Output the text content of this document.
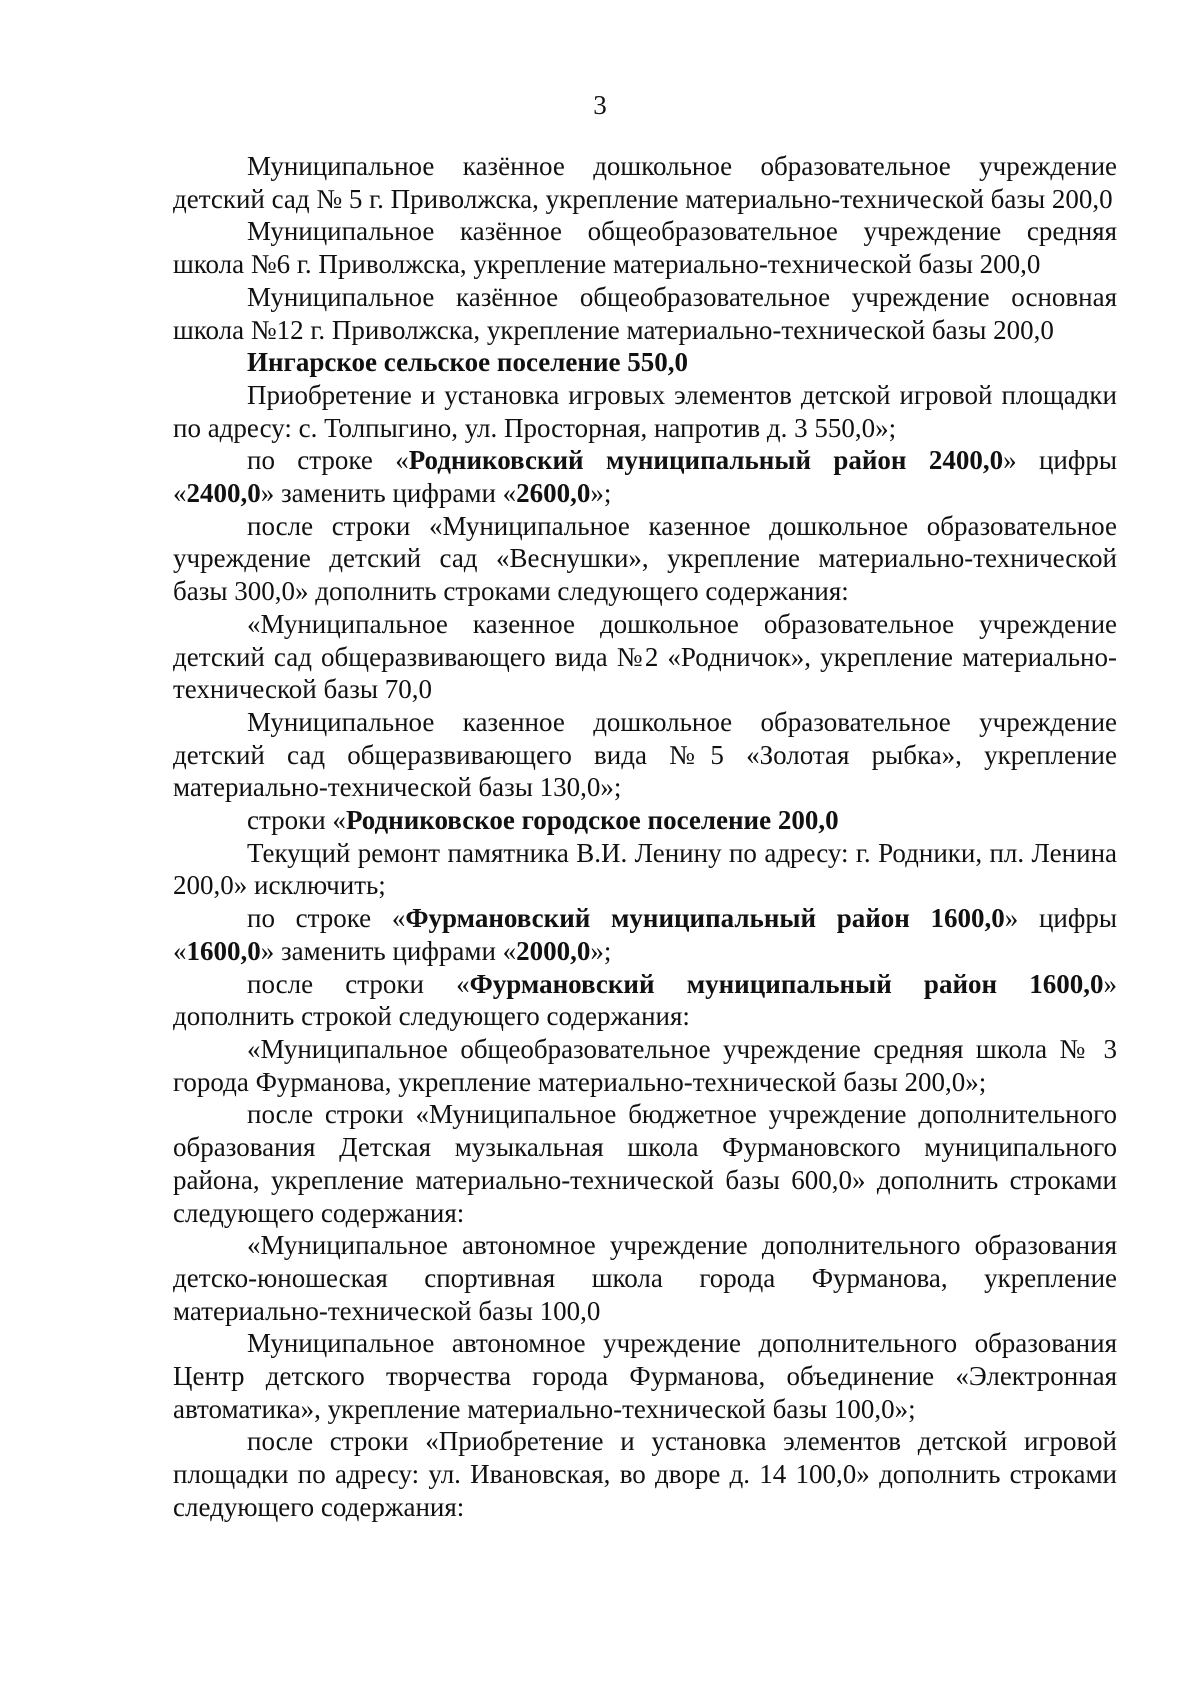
3

Муниципальное казённое дошкольное образовательное учреждение детский сад № 5 г. Приволжска, укрепление материально-технической базы 200,0

Муниципальное казённое общеобразовательное учреждение средняя школа №6 г. Приволжска, укрепление материально-технической базы 200,0

Муниципальное казённое общеобразовательное учреждение основная школа №12 г. Приволжска, укрепление материально-технической базы 200,0

Ингарское сельское поселение 550,0

Приобретение и установка игровых элементов детской игровой площадки по адресу: с. Толпыгино, ул. Просторная, напротив д. 3 550,0»;

по строке «Родниковский муниципальный район 2400,0» цифры «2400,0» заменить цифрами «2600,0»;

после строки «Муниципальное казенное дошкольное образовательное учреждение детский сад «Веснушки», укрепление материально-технической базы 300,0» дополнить строками следующего содержания:

«Муниципальное казенное дошкольное образовательное учреждение детский сад общеразвивающего вида №2 «Родничок», укрепление материально-технической базы 70,0

Муниципальное казенное дошкольное образовательное учреждение детский сад общеразвивающего вида №5 «Золотая рыбка», укрепление материально-технической базы 130,0»;

строки «Родниковское городское поселение 200,0

Текущий ремонт памятника В.И. Ленину по адресу: г. Родники, пл. Ленина 200,0» исключить;

по строке «Фурмановский муниципальный район 1600,0» цифры «1600,0» заменить цифрами «2000,0»;

после строки «Фурмановский муниципальный район 1600,0» дополнить строкой следующего содержания:

«Муниципальное общеобразовательное учреждение средняя школа № 3 города Фурманова, укрепление материально-технической базы 200,0»;

после строки «Муниципальное бюджетное учреждение дополнительного образования Детская музыкальная школа Фурмановского муниципального района, укрепление материально-технической базы 600,0» дополнить строками следующего содержания:

«Муниципальное автономное учреждение дополнительного образования детско-юношеская спортивная школа города Фурманова, укрепление материально-технической базы 100,0

Муниципальное автономное учреждение дополнительного образования Центр детского творчества города Фурманова, объединение «Электронная автоматика», укрепление материально-технической базы 100,0»;

после строки «Приобретение и установка элементов детской игровой площадки по адресу: ул. Ивановская, во дворе д. 14 100,0» дополнить строками следующего содержания:
